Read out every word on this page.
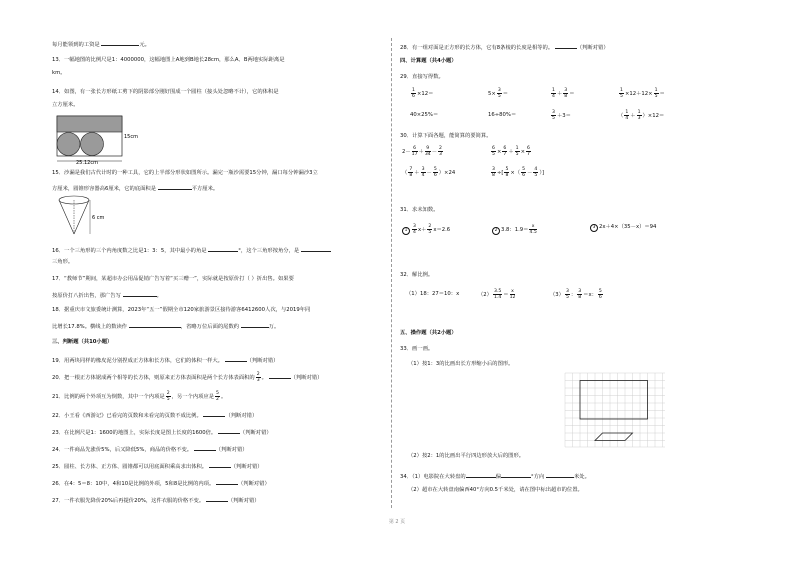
每月能领到的工资是	元。
13．一幅地图的比例尺是1：4000000，这幅地图上A地到B地长28cm，那么A、B两地实际距离是
km。
14．如图，有一张长方形纸工剪下的阴影部分刚好围成一个圆柱（接头处忽略不计），它的体积是
立方厘米。
15cm
25.12cm
15．沙漏是我们古代计时的一种工具，它的上半部分形状如图所示。漏完一瓶沙需要15分钟，漏口每分钟漏沙3立
方厘米，圆锥形容器高6厘米，它的底面积是	平方厘米。
6 cm
16．一个三角形的三个内角度数之比是1：3：5，其中最小的角是	°，这个三角形按角分，是
三角形。
17．“教师节”期间，某超市办公用品促销广告写着“买三赠一”，实际就是按原价打（ ）折出售。如果要
按原价打八折出售，那广告写	。
18．据重庆市文旅委统计测算，2023年“五一”假期全市120家旅游景区接待游客6412600人次，与2019年同
比增长17.8%。横线上的数读作	，省略万位后面的尾数约	万。
三、判断题（共10小题）
19．用两块同样的橡皮泥分别捏成正方体和长方体，它们的体积一样大。	（判断对错）
20．把一根正方体锯成两个相等的长方体，则原来正方体表面积是两个长方体表面积的 $\frac{2}{3}$ 。	（判断对错）
21．比例的两个外项互为倒数，其中一个内项是 $\frac{2}{5}$ ，另一个内项应是 $\frac{5}{2}$ 。
22．小王看《西游记》已看完的页数和未看完的页数不成比例。	（判断对错）
23．在比例尺是1：1600的地图上，实际长度是图上长度的1600倍。	（判断对错）
24．一件商品先涨价5%，后又降低5%，商品的价格不变。	（判断对错）
25．圆柱、长方体、正方体、圆锥都可以用底面积乘高求出体积。	（判断对错）
26．在4：5＝8：10中，4和10是比例的外项，5和8是比例的内项。	（判断对错）
27．一件衣服先降价20%后再提价20%，这件衣服的价格不变。	（判断对错）
28．有一组对面是正方形的长方体，它有8条棱的长度是相等的。	（判断对错）
四、计算题（共4小题）
29．直接写得数。
$\frac{1}{6} \times 12=$	$5\times \frac{3}{5}$ ＝	$\frac{1}{4} + \frac{3}{8}$ ＝	$\frac{1}{5} \times 12+12\times \frac{1}{5}$ ＝
40×25%＝	16÷80%＝	$\frac{3}{5} +3=$	（ $\frac{1}{4} + \frac{1}{3} )\times 12=$
30．计算下面各题，能简算的要简算。
$2- \frac{6}{17} + \frac{9}{34} - \frac{2}{3}$	$\frac{6}{5} \times \frac{6}{7} + \frac{1}{5} \times \frac{6}{7}$
（ $\frac{7}{8} + \frac{3}{4} - \frac{5}{6} )\times 24$	$\frac{3}{8}$ ÷[ $\frac{5}{8}$ ×（ $\frac{5}{6} - \frac{4}{5}$ ）]
31．求未知数。
$1 \frac{3}{4} x+ \frac{2}{5} x=2.6$	2 3.8：$1.9= \frac{x}{4.5}$	3 2x＋4×（35－x）＝94
32．解比例。
（1）18：27＝10：x	$(2) \frac{3.5}{1.4} = \frac{x}{12}$	$(3) \frac{3}{5}$ ： $\frac{3}{8} =x$： $\frac{5}{6}$
五、操作题（共2小题）
33．画一画。
（1）按1：3的比画出长方形缩小后的图形。
（2）按2：1的比画出平行四边形放大后的图形。
34．（1）电影院在大转盘的	偏	°方向	米处。
（2）超市在大转盘南偏西40°方向0.5千米处，请在图中标出超市的位置。
第 2 页
